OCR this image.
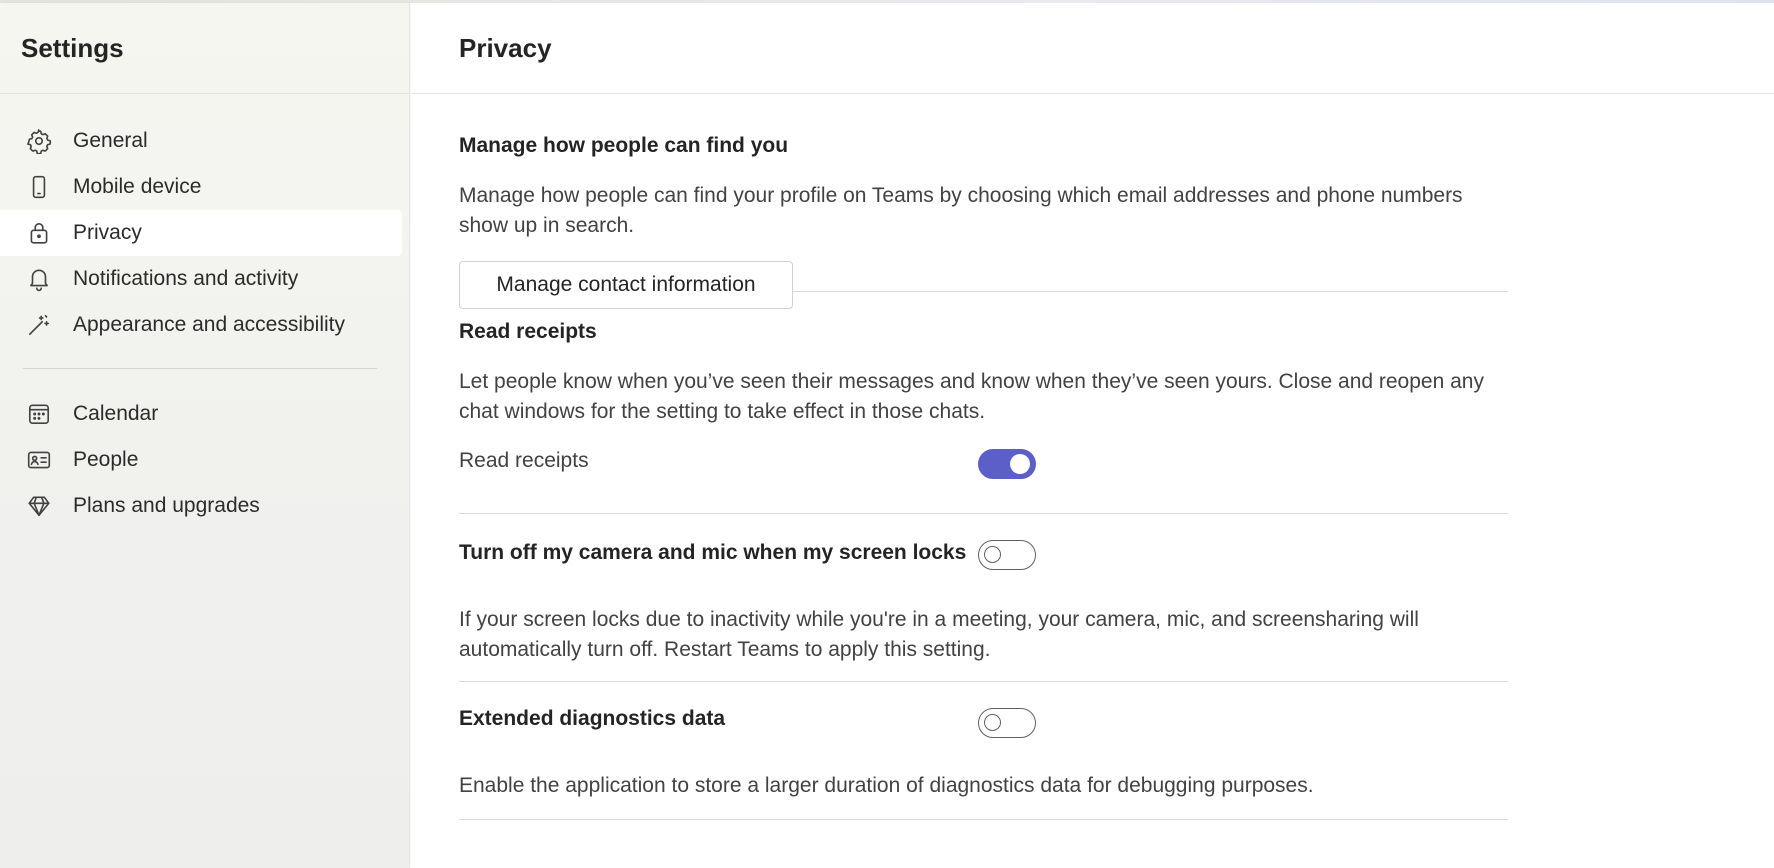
Settings
General
Mobile device
Privacy
Notifications and activity
Appearance and accessibility
Calendar
People
Plans and upgrades
Privacy
Manage how people can find you

Manage how people can find your profile on Teams by choosing which email addresses and phone numbers show up in search.

Manage contact information
Read receipts

Let people know when you’ve seen their messages and know when they’ve seen yours. Close and reopen any chat windows for the setting to take effect in those chats.

Read receipts
Turn off my camera and mic when my screen locks

If your screen locks due to inactivity while you're in a meeting, your camera, mic, and screensharing will automatically turn off. Restart Teams to apply this setting.

Extended diagnostics data

Enable the application to store a larger duration of diagnostics data for debugging purposes.
